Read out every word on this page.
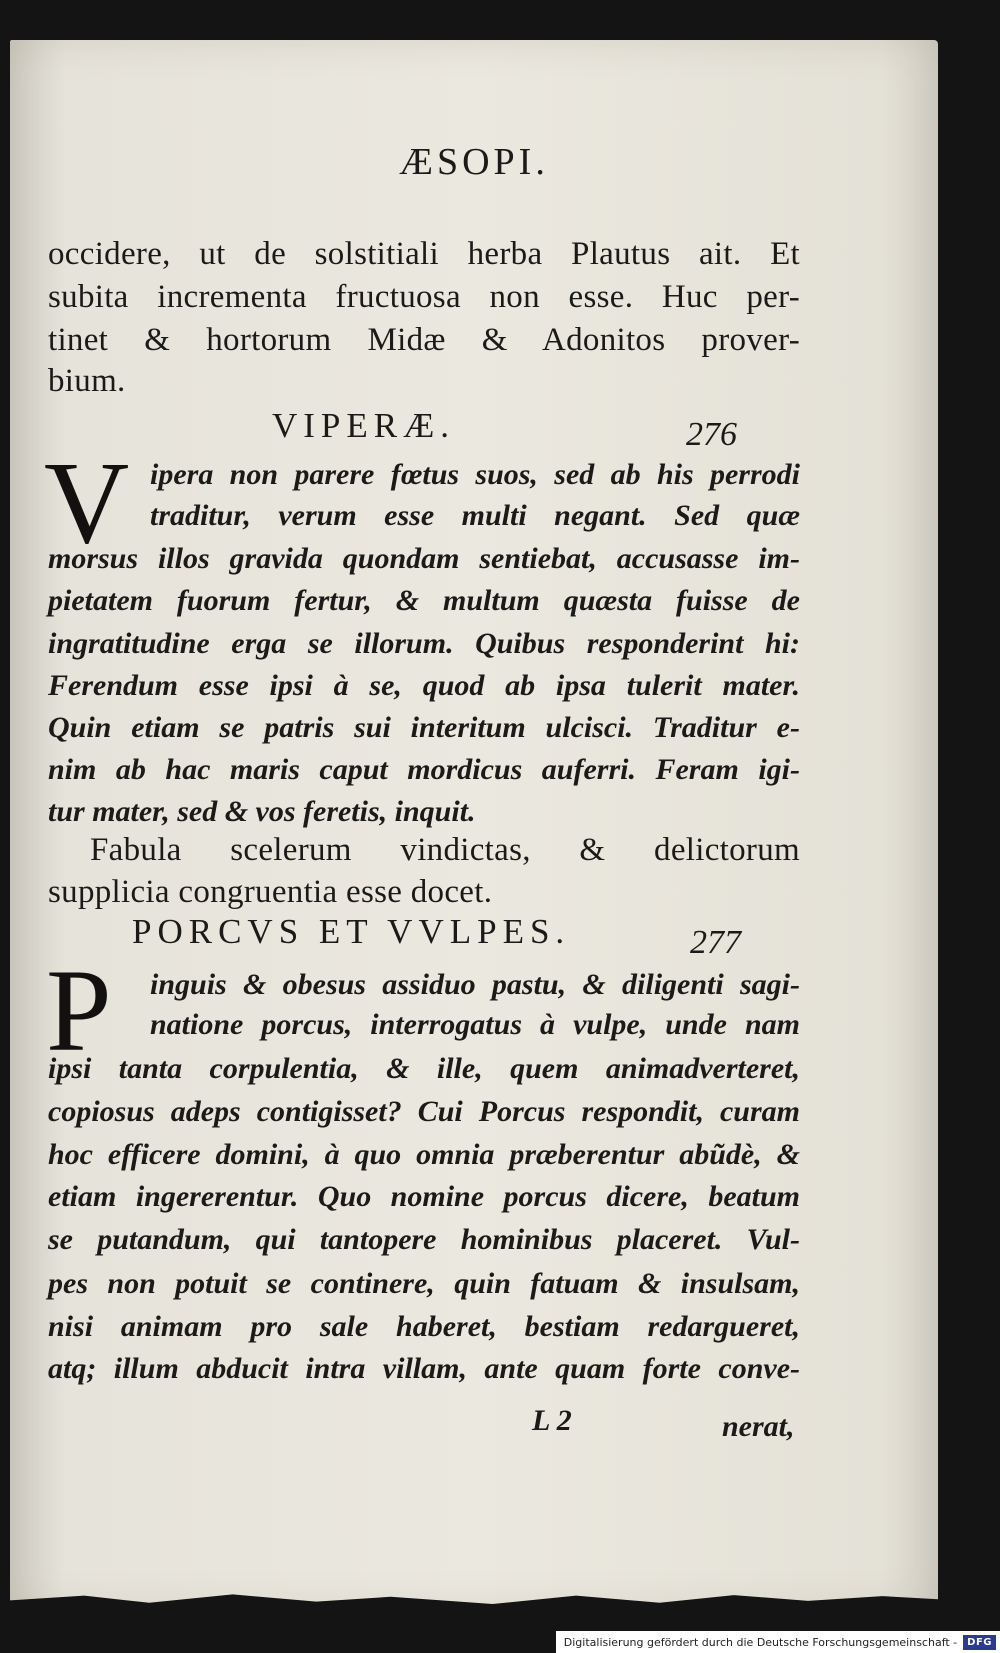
ÆSOPI.
occidere, ut de solstitiali herba Plautus ait. Et
subita incrementa fructuosa non esse. Huc per-
tinet & hortorum Midæ & Adonitos prover-
bium.
VIPERÆ.	276
V ipera non parere fœtus suos, sed ab his perrodi
traditur, verum esse multi negant. Sed quæ
morsus illos gravida quondam sentiebat, accusasse im-
pietatem fuorum fertur, & multum quæsta fuisse de
ingratitudine erga se illorum. Quibus responderint hi:
Ferendum esse ipsi à se, quod ab ipsa tulerit mater.
Quin etiam se patris sui interitum ulcisci. Traditur e-
nim ab hac maris caput mordicus auferri. Feram igi-
tur mater, sed & vos feretis, inquit.
Fabula scelerum vindictas, & delictorum
supplicia congruentia esse docet.
PORCVS ET VVLPES.	277
P inguis & obesus assiduo pastu, & diligenti sagi-
natione porcus, interrogatus à vulpe, unde nam
ipsi tanta corpulentia, & ille, quem animadverteret,
copiosus adeps contigisset? Cui Porcus respondit, curam
hoc efficere domini, à quo omnia præberentur abũdè, &
etiam ingererentur. Quo nomine porcus dicere, beatum
se putandum, qui tantopere hominibus placeret. Vul-
pes non potuit se continere, quin fatuam & insulsam,
nisi animam pro sale haberet, bestiam redargueret,
atq; illum abducit intra villam, ante quam forte conve-
L 2	nerat,
Digitalisierung gefördert durch die Deutsche Forschungsgemeinschaft -	DFG
